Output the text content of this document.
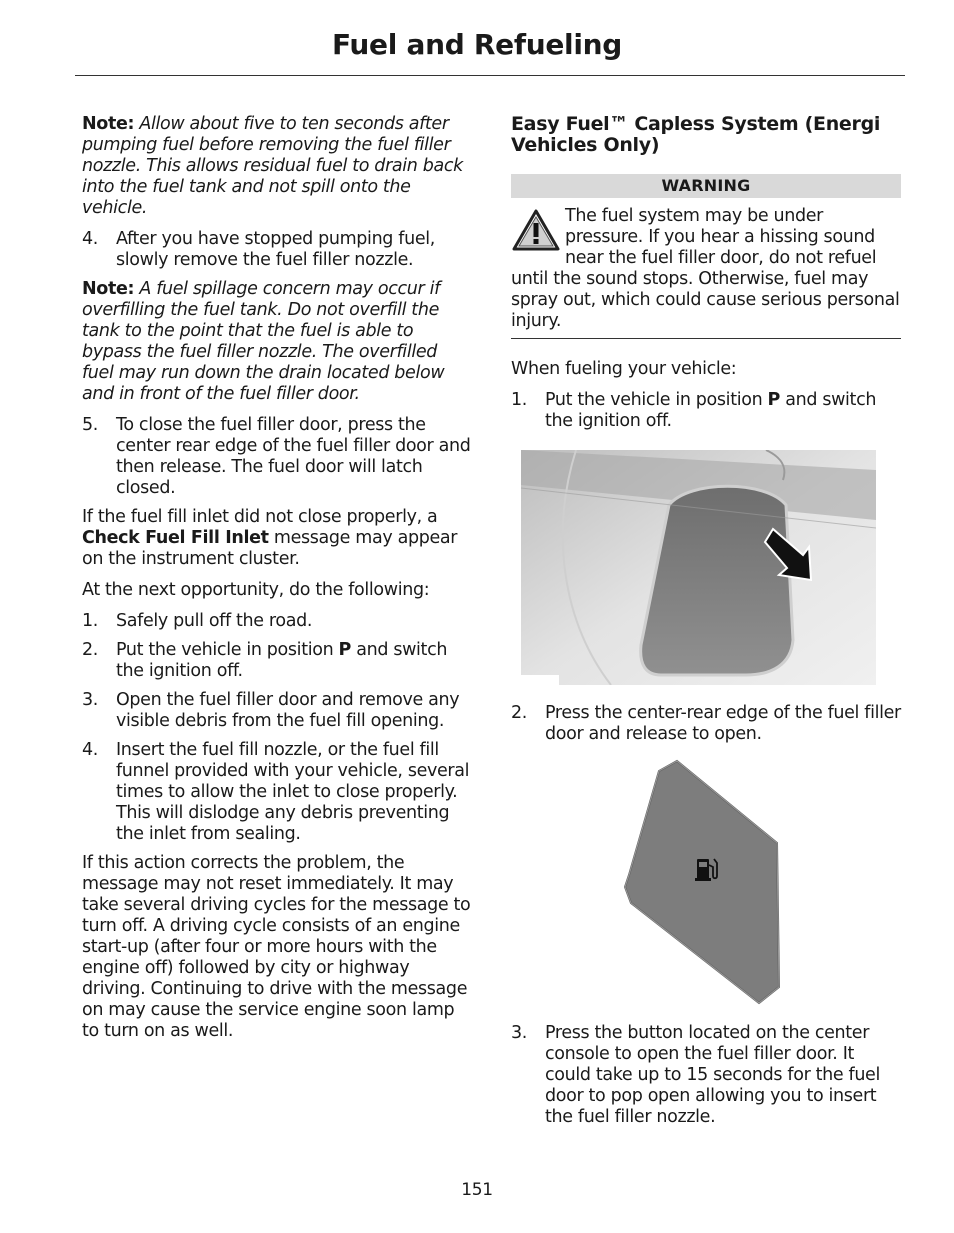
Fuel and Refueling

Note: Allow about five to ten seconds after pumping fuel before removing the fuel filler nozzle. This allows residual fuel to drain back into the fuel tank and not spill onto the vehicle.

4.	After you have stopped pumping fuel, slowly remove the fuel filler nozzle.

Note: A fuel spillage concern may occur if overfilling the fuel tank. Do not overfill the tank to the point that the fuel is able to bypass the fuel filler nozzle. The overfilled fuel may run down the drain located below and in front of the fuel filler door.

5.	To close the fuel filler door, press the center rear edge of the fuel filler door and then release. The fuel door will latch closed.

If the fuel fill inlet did not close properly, a Check Fuel Fill Inlet message may appear on the instrument cluster.

At the next opportunity, do the following:

1.	Safely pull off the road.
2.	Put the vehicle in position P and switch the ignition off.
3.	Open the fuel filler door and remove any visible debris from the fuel fill opening.
4.	Insert the fuel fill nozzle, or the fuel fill funnel provided with your vehicle, several times to allow the inlet to close properly. This will dislodge any debris preventing the inlet from sealing.

If this action corrects the problem, the message may not reset immediately. It may take several driving cycles for the message to turn off. A driving cycle consists of an engine start-up (after four or more hours with the engine off) followed by city or highway driving. Continuing to drive with the message on may cause the service engine soon lamp to turn on as well.

Easy Fuel™ Capless System (Energi Vehicles Only)
WARNING
The fuel system may be under pressure. If you hear a hissing sound near the fuel filler door, do not refuel until the sound stops. Otherwise, fuel may spray out, which could cause serious personal injury.

When fueling your vehicle:

1.	Put the vehicle in position P and switch the ignition off.
2.	Press the center-rear edge of the fuel filler door and release to open.
3.	Press the button located on the center console to open the fuel filler door. It could take up to 15 seconds for the fuel door to pop open allowing you to insert the fuel filler nozzle.
151
